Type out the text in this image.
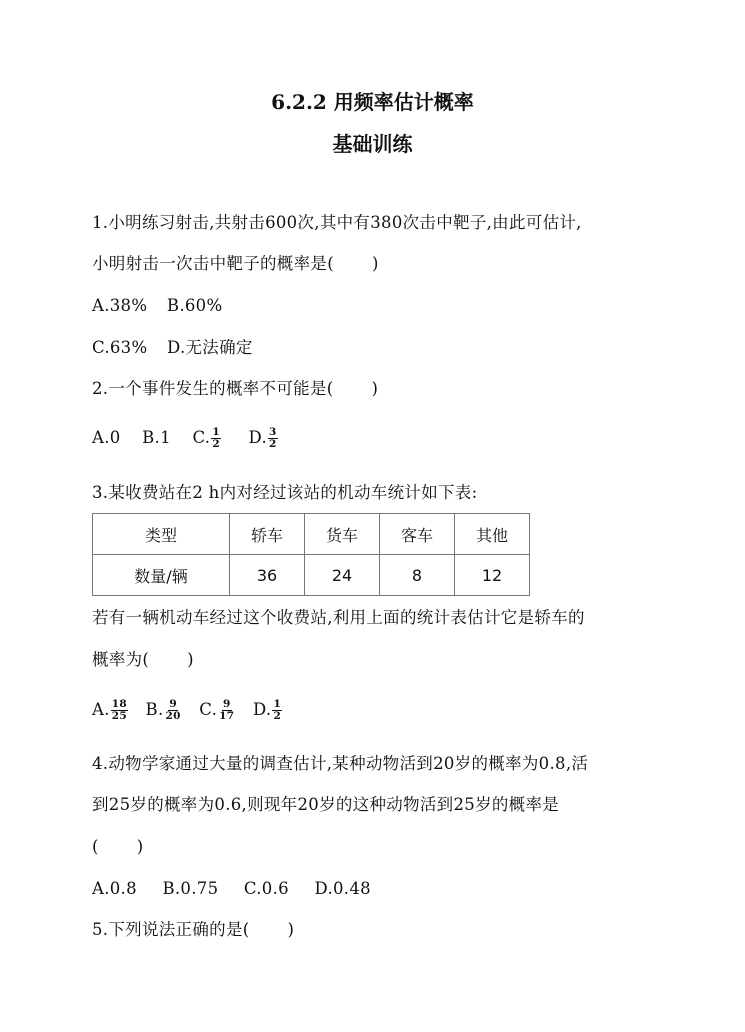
6.2.2 用频率估计概率
基础训练
1.小明练习射击,共射击600次,其中有380次击中靶子,由此可估计,
小明射击一次击中靶子的概率是( )
A.38% B.60%
C.63% D.无法确定
2.一个事件发生的概率不可能是( )
A.0 B.1 C. $\frac{1}{2} D$. $\frac{3}{2}$
3.某收费站在2 h内对经过该站的机动车统计如下表:
类型	轿车	货车	客车	其他
数量/辆	36	24	8	12
若有一辆机动车经过这个收费站,利用上面的统计表估计它是轿车的
概率为( )
A. $\frac{18}{25} B$. $\frac{9}{20} C$. $\frac{9}{17} D$. $\frac{1}{2}$
4.动物学家通过大量的调查估计,某种动物活到20岁的概率为0.8,活
到25岁的概率为0.6,则现年20岁的这种动物活到25岁的概率是
( )
A.0.8 B.0.75 C.0.6 D.0.48
5.下列说法正确的是( )
